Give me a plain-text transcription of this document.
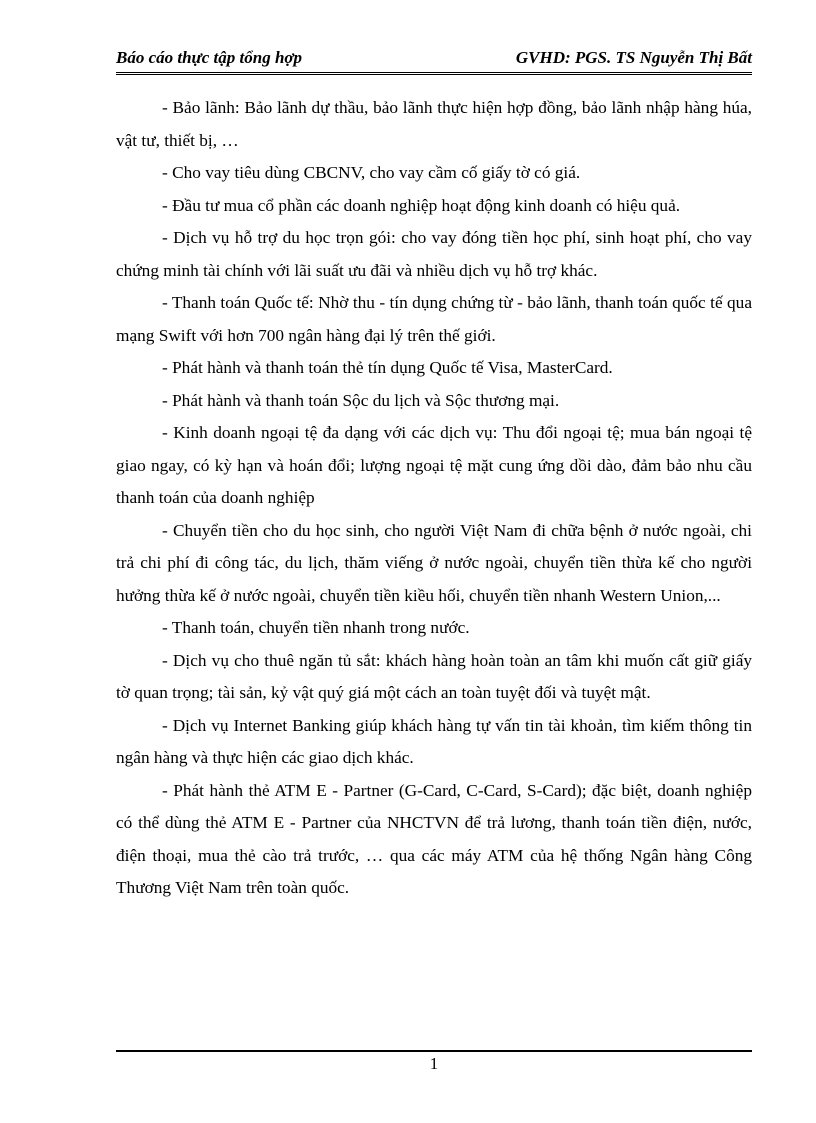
Báo cáo thực tập tổng hợp	GVHD: PGS. TS Nguyễn Thị Bất

- Bảo lãnh: Bảo lãnh dự thầu, bảo lãnh thực hiện hợp đồng, bảo lãnh nhập hàng húa, vật tư, thiết bị, …

- Cho vay tiêu dùng CBCNV, cho vay cầm cố giấy tờ có giá.

- Đầu tư mua cổ phần các doanh nghiệp hoạt động kinh doanh có hiệu quả.

- Dịch vụ hỗ trợ du học trọn gói: cho vay đóng tiền học phí, sinh hoạt phí, cho vay chứng minh tài chính với lãi suất ưu đãi và nhiều dịch vụ hỗ trợ khác.

- Thanh toán Quốc tế: Nhờ thu - tín dụng chứng từ - bảo lãnh, thanh toán quốc tế qua mạng Swift với hơn 700 ngân hàng đại lý trên thế giới.

- Phát hành và thanh toán thẻ tín dụng Quốc tế Visa, MasterCard.

- Phát hành và thanh toán Sộc du lịch và Sộc thương mại.

- Kinh doanh ngoại tệ đa dạng với các dịch vụ: Thu đổi ngoại tệ; mua bán ngoại tệ giao ngay, có kỳ hạn và hoán đổi; lượng ngoại tệ mặt cung ứng dồi dào, đảm bảo nhu cầu thanh toán của doanh nghiệp

- Chuyển tiền cho du học sinh, cho người Việt Nam đi chữa bệnh ở nước ngoài, chi trả chi phí đi công tác, du lịch, thăm viếng ở nước ngoài, chuyển tiền thừa kế cho người hưởng thừa kế ở nước ngoài, chuyển tiền kiều hối, chuyển tiền nhanh Western Union,...

- Thanh toán, chuyển tiền nhanh trong nước.

- Dịch vụ cho thuê ngăn tủ sắt: khách hàng hoàn toàn an tâm khi muốn cất giữ giấy tờ quan trọng; tài sản, kỷ vật quý giá một cách an toàn tuyệt đối và tuyệt mật.

- Dịch vụ Internet Banking giúp khách hàng tự vấn tin tài khoản, tìm kiếm thông tin ngân hàng và thực hiện các giao dịch khác.

- Phát hành thẻ ATM E - Partner (G-Card, C-Card, S-Card); đặc biệt, doanh nghiệp có thể dùng thẻ ATM E - Partner của NHCTVN để trả lương, thanh toán tiền điện, nước, điện thoại, mua thẻ cào trả trước, … qua các máy ATM của hệ thống Ngân hàng Công Thương Việt Nam trên toàn quốc.

1
